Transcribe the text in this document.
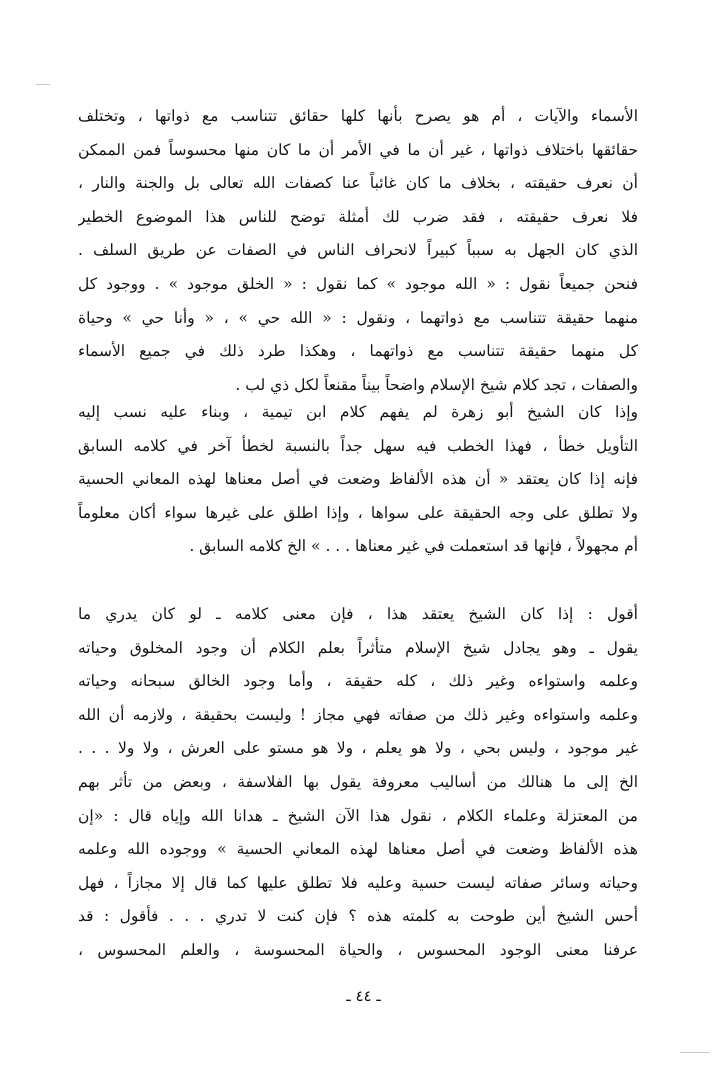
الأسماء والآيات ، أم هو يصرح بأنها كلها حقائق تتناسب مع ذواتها ، وتختلف
حقائقها باختلاف ذواتها ، غير أن ما في الأمر أن ما كان منها محسوساً فمن الممكن
أن نعرف حقيقته ، بخلاف ما كان غائباً عنا كصفات الله تعالى بل والجنة والنار ،
فلا نعرف حقيقته ، فقد ضرب لك أمثلة توضح للناس هذا الموضوع الخطير
الذي كان الجهل به سبباً كبيراً لانحراف الناس في الصفات عن طريق السلف .
فنحن جميعاً نقول : « الله موجود » كما نقول : « الخلق موجود » . ووجود كل
منهما حقيقة تتناسب مع ذواتهما ، ونقول : « الله حي » ، « وأنا حي » وحياة
كل منهما حقيقة تتناسب مع ذواتهما ، وهكذا طرد ذلك في جميع الأسماء
والصفات ، تجد كلام شيخ الإسلام واضحاً بيناً مقنعاً لكل ذي لب .
وإذا كان الشيخ أبو زهرة لم يفهم كلام ابن تيمية ، وبناء عليه نسب إليه
التأويل خطأ ، فهذا الخطب فيه سهل جداً بالنسبة لخطأ آخر في كلامه السابق
فإنه إذا كان يعتقد « أن هذه الألفاظ وضعت في أصل معناها لهذه المعاني الحسية
ولا تطلق على وجه الحقيقة على سواها ، وإذا اطلق على غيرها سواء أكان معلوماً
أم مجهولاً ، فإنها قد استعملت في غير معناها . . . » الخ كلامه السابق .
أقول : إذا كان الشيخ يعتقد هذا ، فإن معنى كلامه ـ لو كان يدري ما
يقول ـ وهو يجادل شيخ الإسلام متأثراً بعلم الكلام أن وجود المخلوق وحياته
وعلمه واستواءه وغير ذلك ، كله حقيقة ، وأما وجود الخالق سبحانه وحياته
وعلمه واستواءه وغير ذلك من صفاته فهي مجاز ! وليست بحقيقة ، ولازمه أن الله
غير موجود ، وليس بحي ، ولا هو يعلم ، ولا هو مستو على العرش ، ولا ولا . . .
الخ إلى ما هنالك من أساليب معروفة يقول بها الفلاسفة ، وبعض من تأثر بهم
من المعتزلة وعلماء الكلام ، نقول هذا الآن الشيخ ـ هدانا الله وإياه قال : «إن
هذه الألفاظ وضعت في أصل معناها لهذه المعاني الحسية » ووجوده الله وعلمه
وحياته وسائر صفاته ليست حسية وعليه فلا تطلق عليها كما قال إلا مجازاً ، فهل
أحس الشيخ أين طوحت به كلمته هذه ؟ فإن كنت لا تدري . . . فأقول : قد
عرفنا معنى الوجود المحسوس ، والحياة المحسوسة ، والعلم المحسوس ،
ـ ٤٤ ـ
